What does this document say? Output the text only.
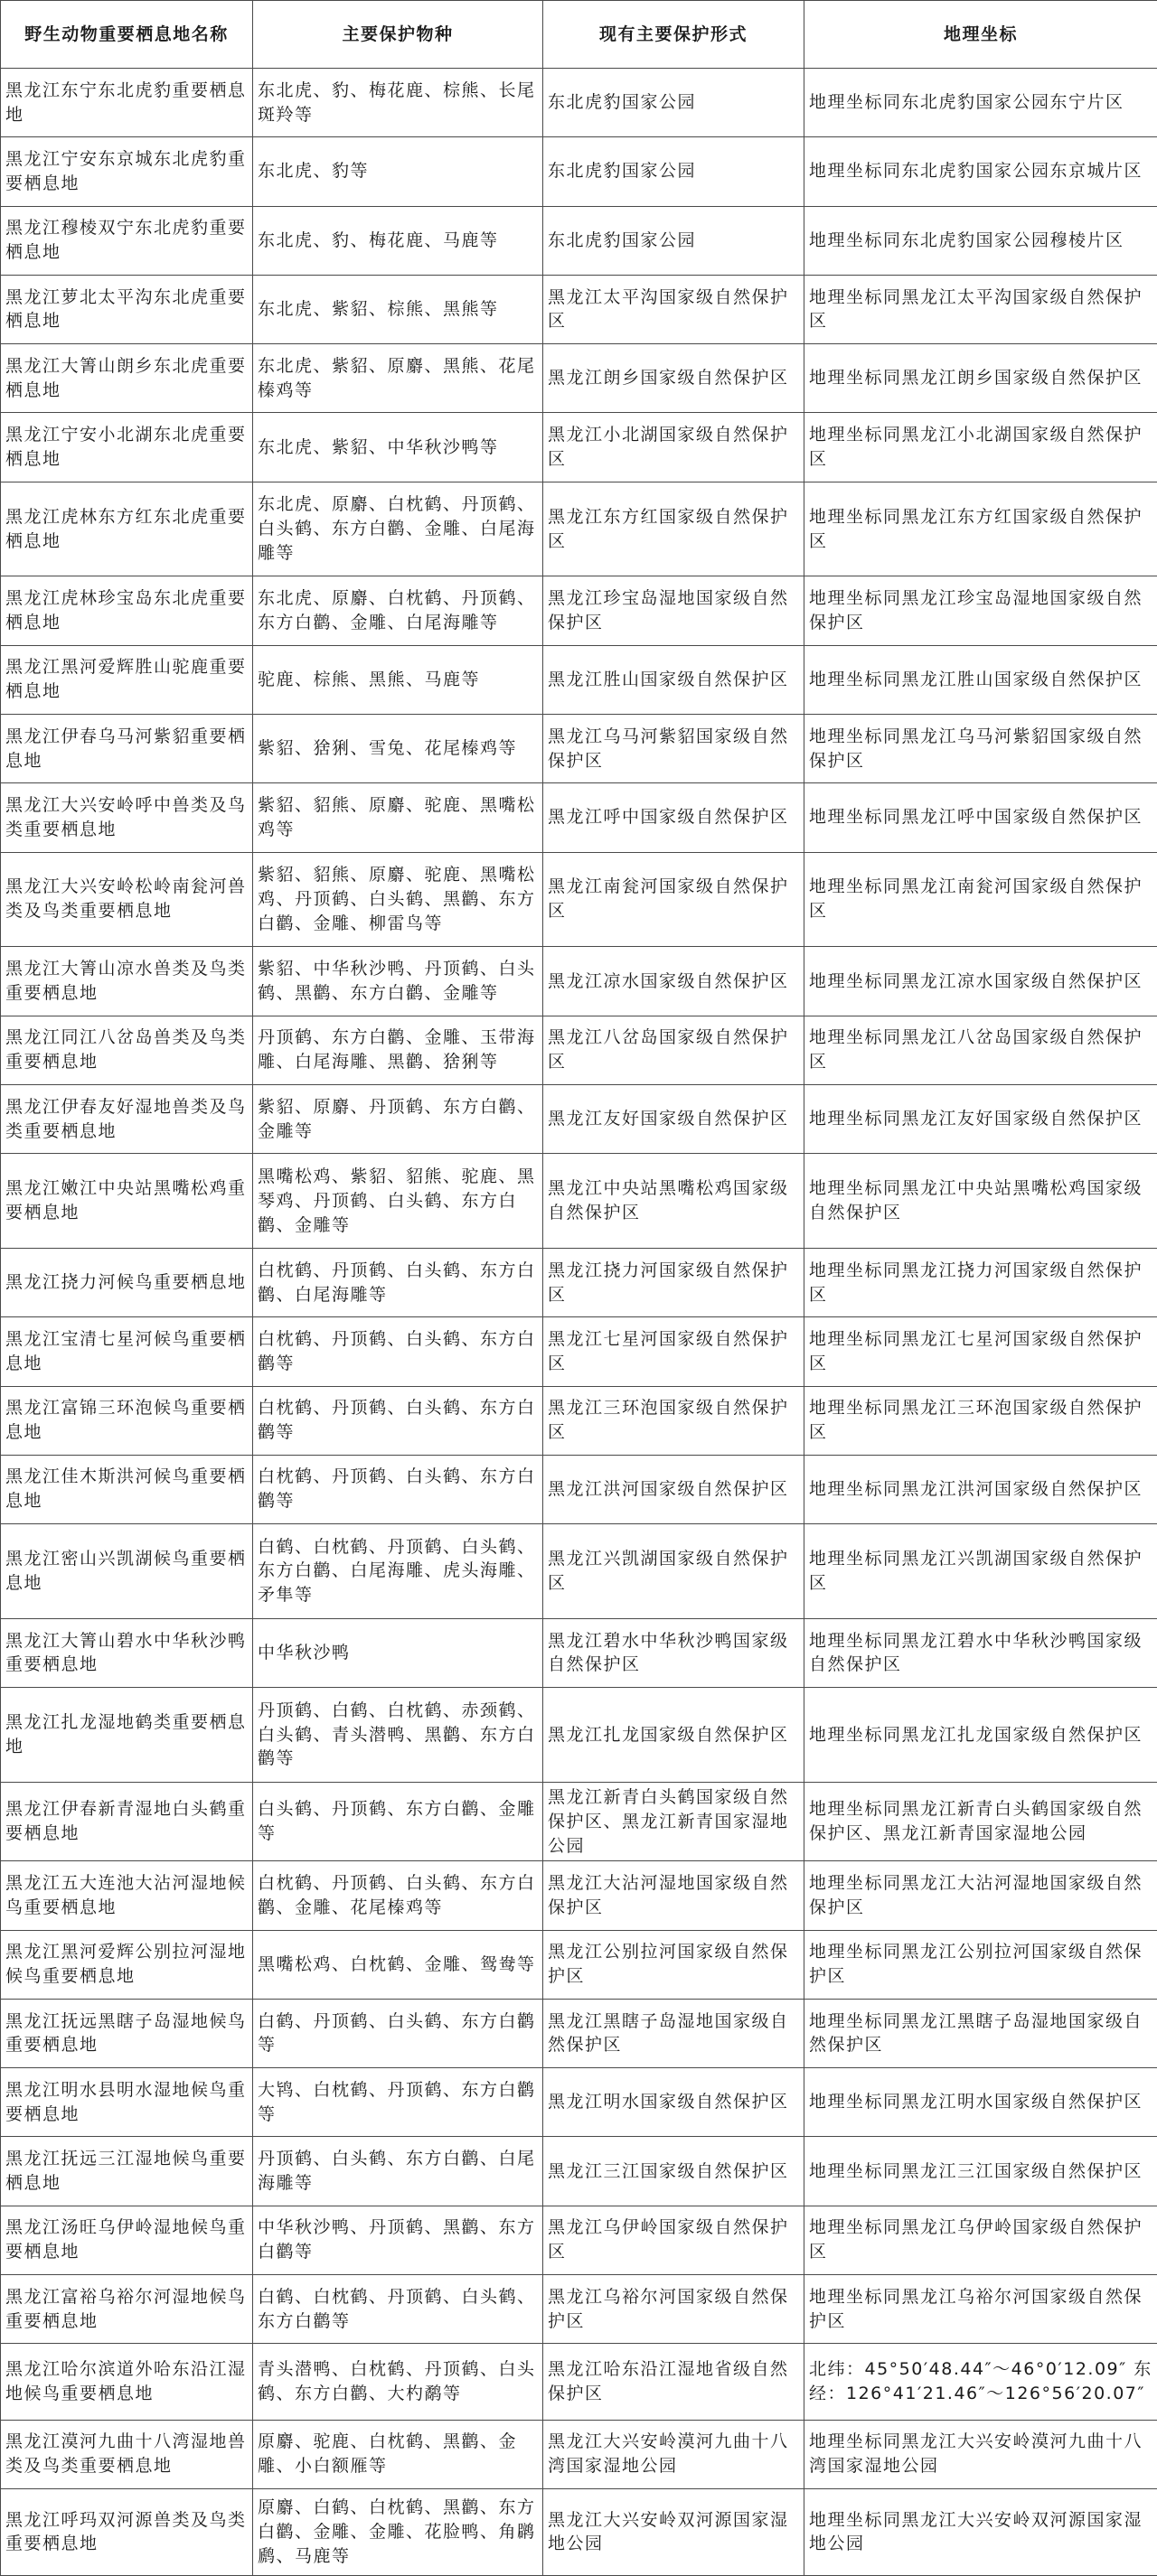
野生动物重要栖息地名称	主要保护物种	现有主要保护形式	地理坐标
黑龙江东宁东北虎豹重要栖息地	东北虎、豹、梅花鹿、棕熊、长尾斑羚等	东北虎豹国家公园	地理坐标同东北虎豹国家公园东宁片区
黑龙江宁安东京城东北虎豹重要栖息地	东北虎、豹等	东北虎豹国家公园	地理坐标同东北虎豹国家公园东京城片区
黑龙江穆棱双宁东北虎豹重要栖息地	东北虎、豹、梅花鹿、马鹿等	东北虎豹国家公园	地理坐标同东北虎豹国家公园穆棱片区
黑龙江萝北太平沟东北虎重要栖息地	东北虎、紫貂、棕熊、黑熊等	黑龙江太平沟国家级自然保护区	地理坐标同黑龙江太平沟国家级自然保护区
黑龙江大箐山朗乡东北虎重要栖息地	东北虎、紫貂、原麝、黑熊、花尾榛鸡等	黑龙江朗乡国家级自然保护区	地理坐标同黑龙江朗乡国家级自然保护区
黑龙江宁安小北湖东北虎重要栖息地	东北虎、紫貂、中华秋沙鸭等	黑龙江小北湖国家级自然保护区	地理坐标同黑龙江小北湖国家级自然保护区
黑龙江虎林东方红东北虎重要栖息地	东北虎、原麝、白枕鹤、丹顶鹤、白头鹤、东方白鹳、金雕、白尾海雕等	黑龙江东方红国家级自然保护区	地理坐标同黑龙江东方红国家级自然保护区
黑龙江虎林珍宝岛东北虎重要栖息地	东北虎、原麝、白枕鹤、丹顶鹤、东方白鹳、金雕、白尾海雕等	黑龙江珍宝岛湿地国家级自然保护区	地理坐标同黑龙江珍宝岛湿地国家级自然保护区
黑龙江黑河爱辉胜山驼鹿重要栖息地	驼鹿、棕熊、黑熊、马鹿等	黑龙江胜山国家级自然保护区	地理坐标同黑龙江胜山国家级自然保护区
黑龙江伊春乌马河紫貂重要栖息地	紫貂、猞猁、雪兔、花尾榛鸡等	黑龙江乌马河紫貂国家级自然保护区	地理坐标同黑龙江乌马河紫貂国家级自然保护区
黑龙江大兴安岭呼中兽类及鸟类重要栖息地	紫貂、貂熊、原麝、驼鹿、黑嘴松鸡等	黑龙江呼中国家级自然保护区	地理坐标同黑龙江呼中国家级自然保护区
黑龙江大兴安岭松岭南瓮河兽类及鸟类重要栖息地	紫貂、貂熊、原麝、驼鹿、黑嘴松鸡、丹顶鹤、白头鹤、黑鹳、东方白鹳、金雕、柳雷鸟等	黑龙江南瓮河国家级自然保护区	地理坐标同黑龙江南瓮河国家级自然保护区
黑龙江大箐山凉水兽类及鸟类重要栖息地	紫貂、中华秋沙鸭、丹顶鹤、白头鹤、黑鹳、东方白鹳、金雕等	黑龙江凉水国家级自然保护区	地理坐标同黑龙江凉水国家级自然保护区
黑龙江同江八岔岛兽类及鸟类重要栖息地	丹顶鹤、东方白鹳、金雕、玉带海雕、白尾海雕、黑鹳、猞猁等	黑龙江八岔岛国家级自然保护区	地理坐标同黑龙江八岔岛国家级自然保护区
黑龙江伊春友好湿地兽类及鸟类重要栖息地	紫貂、原麝、丹顶鹤、东方白鹳、金雕等	黑龙江友好国家级自然保护区	地理坐标同黑龙江友好国家级自然保护区
黑龙江嫩江中央站黑嘴松鸡重要栖息地	黑嘴松鸡、紫貂、貂熊、驼鹿、黑琴鸡、丹顶鹤、白头鹤、东方白鹳、金雕等	黑龙江中央站黑嘴松鸡国家级自然保护区	地理坐标同黑龙江中央站黑嘴松鸡国家级自然保护区
黑龙江挠力河候鸟重要栖息地	白枕鹤、丹顶鹤、白头鹤、东方白鹳、白尾海雕等	黑龙江挠力河国家级自然保护区	地理坐标同黑龙江挠力河国家级自然保护区
黑龙江宝清七星河候鸟重要栖息地	白枕鹤、丹顶鹤、白头鹤、东方白鹳等	黑龙江七星河国家级自然保护区	地理坐标同黑龙江七星河国家级自然保护区
黑龙江富锦三环泡候鸟重要栖息地	白枕鹤、丹顶鹤、白头鹤、东方白鹳等	黑龙江三环泡国家级自然保护区	地理坐标同黑龙江三环泡国家级自然保护区
黑龙江佳木斯洪河候鸟重要栖息地	白枕鹤、丹顶鹤、白头鹤、东方白鹳等	黑龙江洪河国家级自然保护区	地理坐标同黑龙江洪河国家级自然保护区
黑龙江密山兴凯湖候鸟重要栖息地	白鹤、白枕鹤、丹顶鹤、白头鹤、东方白鹳、白尾海雕、虎头海雕、矛隼等	黑龙江兴凯湖国家级自然保护区	地理坐标同黑龙江兴凯湖国家级自然保护区
黑龙江大箐山碧水中华秋沙鸭重要栖息地	中华秋沙鸭	黑龙江碧水中华秋沙鸭国家级自然保护区	地理坐标同黑龙江碧水中华秋沙鸭国家级自然保护区
黑龙江扎龙湿地鹤类重要栖息地	丹顶鹤、白鹤、白枕鹤、赤颈鹤、白头鹤、青头潜鸭、黑鹳、东方白鹳等	黑龙江扎龙国家级自然保护区	地理坐标同黑龙江扎龙国家级自然保护区
黑龙江伊春新青湿地白头鹤重要栖息地	白头鹤、丹顶鹤、东方白鹳、金雕等	黑龙江新青白头鹤国家级自然保护区、黑龙江新青国家湿地公园	地理坐标同黑龙江新青白头鹤国家级自然保护区、黑龙江新青国家湿地公园
黑龙江五大连池大沾河湿地候鸟重要栖息地	白枕鹤、丹顶鹤、白头鹤、东方白鹳、金雕、花尾榛鸡等	黑龙江大沾河湿地国家级自然保护区	地理坐标同黑龙江大沾河湿地国家级自然保护区
黑龙江黑河爱辉公别拉河湿地候鸟重要栖息地	黑嘴松鸡、白枕鹤、金雕、鸳鸯等	黑龙江公别拉河国家级自然保护区	地理坐标同黑龙江公别拉河国家级自然保护区
黑龙江抚远黑瞎子岛湿地候鸟重要栖息地	白鹤、丹顶鹤、白头鹤、东方白鹳等	黑龙江黑瞎子岛湿地国家级自然保护区	地理坐标同黑龙江黑瞎子岛湿地国家级自然保护区
黑龙江明水县明水湿地候鸟重要栖息地	大鸨、白枕鹤、丹顶鹤、东方白鹳等	黑龙江明水国家级自然保护区	地理坐标同黑龙江明水国家级自然保护区
黑龙江抚远三江湿地候鸟重要栖息地	丹顶鹤、白头鹤、东方白鹳、白尾海雕等	黑龙江三江国家级自然保护区	地理坐标同黑龙江三江国家级自然保护区
黑龙江汤旺乌伊岭湿地候鸟重要栖息地	中华秋沙鸭、丹顶鹤、黑鹳、东方白鹳等	黑龙江乌伊岭国家级自然保护区	地理坐标同黑龙江乌伊岭国家级自然保护区
黑龙江富裕乌裕尔河湿地候鸟重要栖息地	白鹤、白枕鹤、丹顶鹤、白头鹤、东方白鹳等	黑龙江乌裕尔河国家级自然保护区	地理坐标同黑龙江乌裕尔河国家级自然保护区
黑龙江哈尔滨道外哈东沿江湿地候鸟重要栖息地	青头潜鸭、白枕鹤、丹顶鹤、白头鹤、东方白鹳、大杓鹬等	黑龙江哈东沿江湿地省级自然保护区	北纬：45°50′48.44″～46°0′12.09″ 东经：126°41′21.46″～126°56′20.07″
黑龙江漠河九曲十八湾湿地兽类及鸟类重要栖息地	原麝、驼鹿、白枕鹤、黑鹳、金雕、小白额雁等	黑龙江大兴安岭漠河九曲十八湾国家湿地公园	地理坐标同黑龙江大兴安岭漠河九曲十八湾国家湿地公园
黑龙江呼玛双河源兽类及鸟类重要栖息地	原麝、白鹤、白枕鹤、黑鹳、东方白鹳、金雕、金雕、花脸鸭、角䴙䴘、马鹿等	黑龙江大兴安岭双河源国家湿地公园	地理坐标同黑龙江大兴安岭双河源国家湿地公园
